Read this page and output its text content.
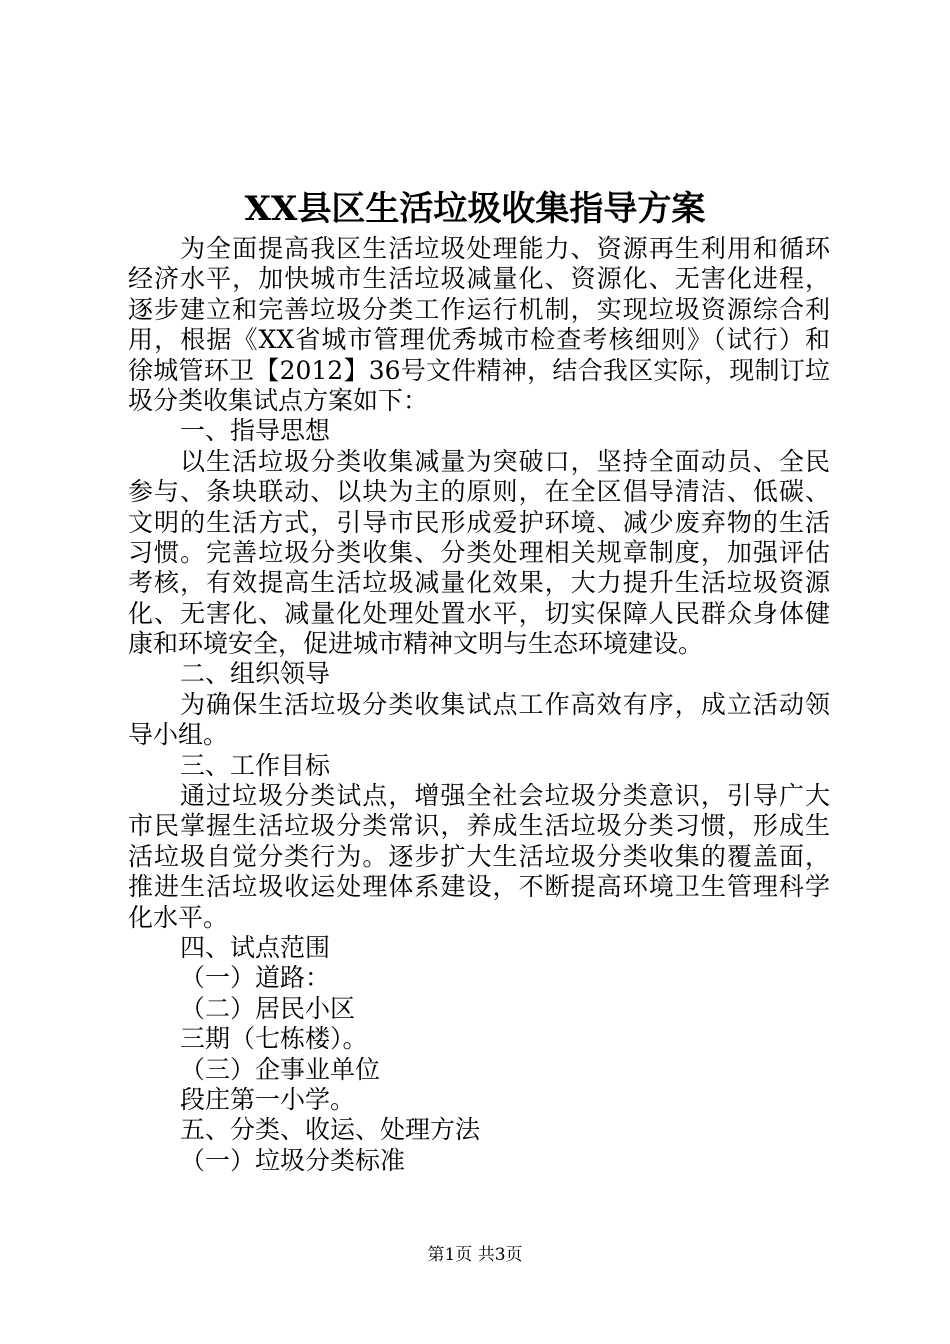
XX县区生活垃圾收集指导方案
为全面提高我区生活垃圾处理能力、资源再生利用和循环
经济水平，加快城市生活垃圾减量化、资源化、无害化进程，
逐步建立和完善垃圾分类工作运行机制，实现垃圾资源综合利
用，根据《XX省城市管理优秀城市检查考核细则》（试行）和
徐城管环卫【2012】36号文件精神，结合我区实际，现制订垃
圾分类收集试点方案如下：
一、指导思想
以生活垃圾分类收集减量为突破口，坚持全面动员、全民
参与、条块联动、以块为主的原则，在全区倡导清洁、低碳、
文明的生活方式，引导市民形成爱护环境、减少废弃物的生活
习惯。完善垃圾分类收集、分类处理相关规章制度，加强评估
考核，有效提高生活垃圾减量化效果，大力提升生活垃圾资源
化、无害化、减量化处理处置水平，切实保障人民群众身体健
康和环境安全，促进城市精神文明与生态环境建设。
二、组织领导
为确保生活垃圾分类收集试点工作高效有序，成立活动领
导小组。
三、工作目标
通过垃圾分类试点，增强全社会垃圾分类意识，引导广大
市民掌握生活垃圾分类常识，养成生活垃圾分类习惯，形成生
活垃圾自觉分类行为。逐步扩大生活垃圾分类收集的覆盖面，
推进生活垃圾收运处理体系建设，不断提高环境卫生管理科学
化水平。
四、试点范围
（一）道路：
（二）居民小区
三期（七栋楼）。
（三）企事业单位
段庄第一小学。
五、分类、收运、处理方法
（一）垃圾分类标准
第1页 共3页
